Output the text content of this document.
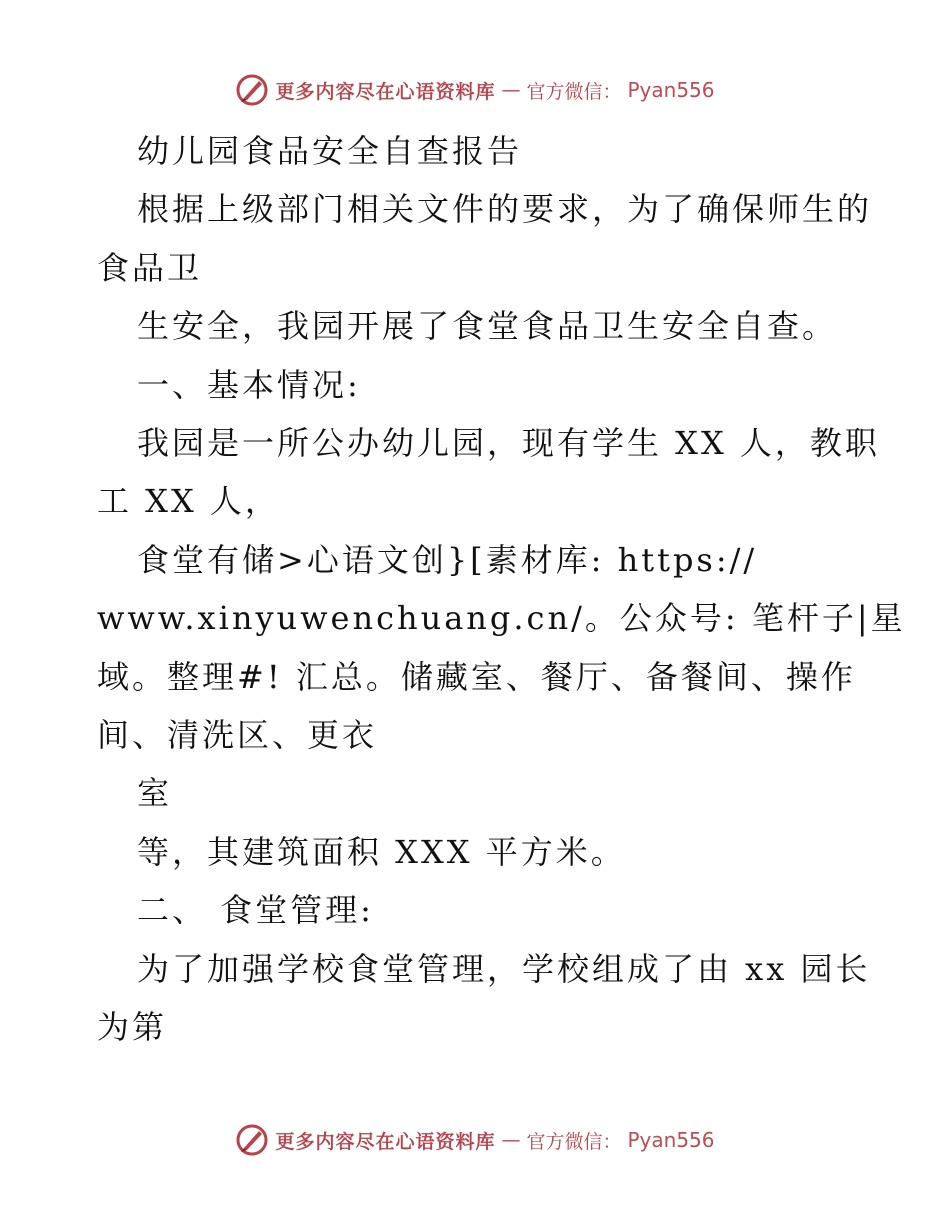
更多内容尽在心语资料库 — 官方微信： Pyan556

幼儿园食品安全自查报告

根据上级部门相关文件的要求，为了确保师生的

食品卫

生安全，我园开展了食堂食品卫生安全自查。

一、基本情况:

我园是一所公办幼儿园，现有学生 XX 人，教职

工 XX 人，

食堂有储>心语文创}[素材库: https://

www.xinyuwenchuang.cn/。公众号: 笔杆子|星

域。整理#! 汇总。储藏室、餐厅、备餐间、操作

间、清洗区、更衣

室

等，其建筑面积 XXX 平方米。

二、 食堂管理:

为了加强学校食堂管理，学校组成了由 xx 园长

为第

更多内容尽在心语资料库 — 官方微信： Pyan556
